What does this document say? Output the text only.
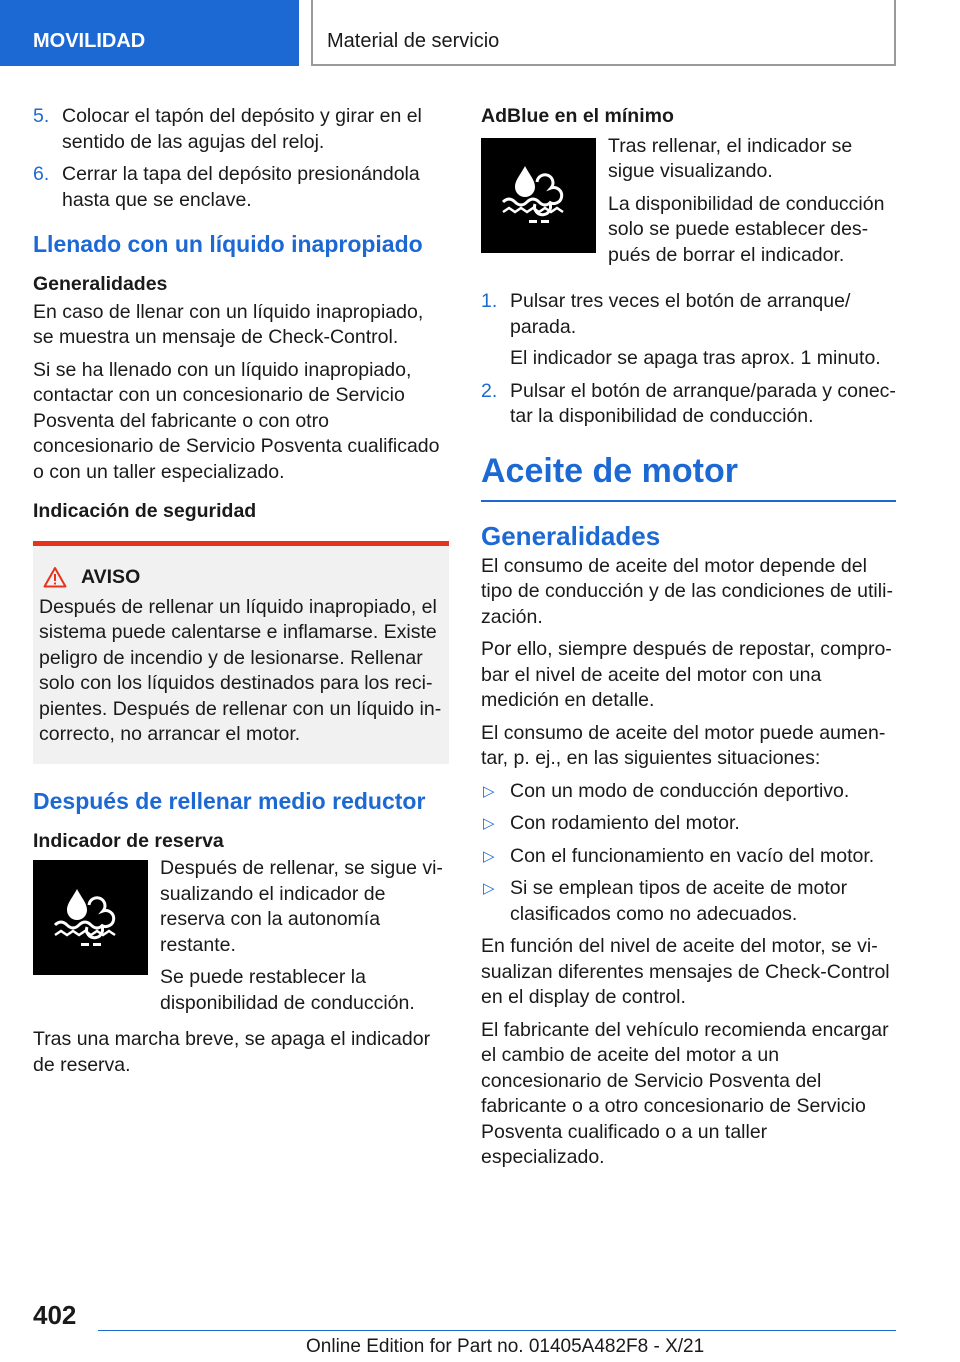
MOVILIDAD	Material de servicio
5. Colocar el tapón del depósito y girar en el sentido de las agujas del reloj.
6. Cerrar la tapa del depósito presionándola hasta que se enclave.
Llenado con un líquido inapropiado
Generalidades

En caso de llenar con un líquido inapropiado, se muestra un mensaje de Check-Control.

Si se ha llenado con un líquido inapropiado, contactar con un concesionario de Servicio Posventa del fabricante o con otro concesionario de Servicio Posventa cualificado o con un taller especializado.

Indicación de seguridad
AVISO

Después de rellenar un líquido inapropiado, el sistema puede calentarse e inflamarse. Existe peligro de incendio y de lesionarse. Rellenar solo con los líquidos destinados para los recipientes. Después de rellenar con un líquido incorrecto, no arrancar el motor.

Después de rellenar medio reductor
Indicador de reserva

Después de rellenar, se sigue visualizando el indicador de reserva con la autonomía restante.

Se puede restablecer la disponibilidad de conducción.

Tras una marcha breve, se apaga el indicador de reserva.

AdBlue en el mínimo

Tras rellenar, el indicador se sigue visualizando.

La disponibilidad de conducción solo se puede establecer después de borrar el indicador.

1. Pulsar tres veces el botón de arranque/ parada.
El indicador se apaga tras aprox. 1 minuto.
2. Pulsar el botón de arranque/parada y conectar la disponibilidad de conducción.
Aceite de motor
Generalidades

El consumo de aceite del motor depende del tipo de conducción y de las condiciones de utilización.

Por ello, siempre después de repostar, comprobar el nivel de aceite del motor con una medición en detalle.

El consumo de aceite del motor puede aumentar, p. ej., en las siguientes situaciones:

▷ Con un modo de conducción deportivo.
▷ Con rodamiento del motor.
▷ Con el funcionamiento en vacío del motor.
▷ Si se emplean tipos de aceite de motor clasificados como no adecuados.

En función del nivel de aceite del motor, se visualizan diferentes mensajes de Check-Control en el display de control.

El fabricante del vehículo recomienda encargar el cambio de aceite del motor a un concesionario de Servicio Posventa del fabricante o a otro concesionario de Servicio Posventa cualificado o a un taller especializado.

402
Online Edition for Part no. 01405A482F8 - X/21
